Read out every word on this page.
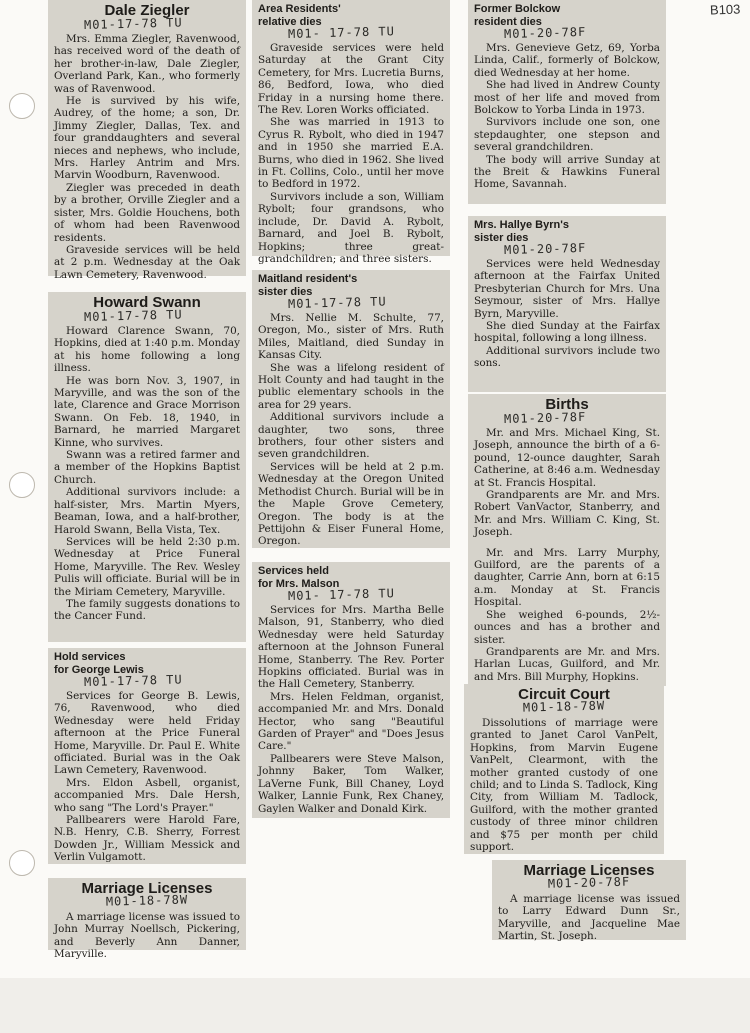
B103
Dale Ziegler
M01-17-78 TU

Mrs. Emma Ziegler, Ravenwood, has received word of the death of her brother-in-law, Dale Ziegler, Overland Park, Kan., who formerly was of Ravenwood.

He is survived by his wife, Audrey, of the home; a son, Dr. Jimmy Ziegler, Dallas, Tex. and four granddaughters and several nieces and nephews, who include, Mrs. Harley Antrim and Mrs. Marvin Woodburn, Ravenwood.

Ziegler was preceded in death by a brother, Orville Ziegler and a sister, Mrs. Goldie Houchens, both of whom had been Ravenwood residents.

Graveside services will be held at 2 p.m. Wednesday at the Oak Lawn Cemetery, Ravenwood.

Howard Swann
M01-17-78 TU

Howard Clarence Swann, 70, Hopkins, died at 1:40 p.m. Monday at his home following a long illness.

He was born Nov. 3, 1907, in Maryville, and was the son of the late, Clarence and Grace Morrison Swann. On Feb. 18, 1940, in Barnard, he married Margaret Kinne, who survives.

Swann was a retired farmer and a member of the Hopkins Baptist Church.

Additional survivors include: a half-sister, Mrs. Martin Myers, Beaman, Iowa, and a half-brother, Harold Swann, Bella Vista, Tex.

Services will be held 2:30 p.m. Wednesday at Price Funeral Home, Maryville. The Rev. Wesley Pulis will officiate. Burial will be in the Miriam Cemetery, Maryville.

The family suggests donations to the Cancer Fund.

Hold services
for George Lewis
M01-17-78 TU

Services for George B. Lewis, 76, Ravenwood, who died Wednesday were held Friday afternoon at the Price Funeral Home, Maryville. Dr. Paul E. White officiated. Burial was in the Oak Lawn Cemetery, Ravenwood.

Mrs. Eldon Asbell, organist, accompanied Mrs. Dale Hersh, who sang "The Lord's Prayer."

Pallbearers were Harold Fare, N.B. Henry, C.B. Sherry, Forrest Dowden Jr., William Messick and Verlin Vulgamott.

Marriage Licenses
M01-18-78W

A marriage license was issued to John Murray Noellsch, Pickering, and Beverly Ann Danner, Maryville.

Area Residents'
relative dies
M01- 17-78 TU

Graveside services were held Saturday at the Grant City Cemetery, for Mrs. Lucretia Burns, 86, Bedford, Iowa, who died Friday in a nursing home there. The Rev. Loren Works officiated.

She was married in 1913 to Cyrus R. Rybolt, who died in 1947 and in 1950 she married E.A. Burns, who died in 1962. She lived in Ft. Collins, Colo., until her move to Bedford in 1972.

Survivors include a son, William Rybolt; four grandsons, who include, Dr. David A. Rybolt, Barnard, and Joel B. Rybolt, Hopkins; three great-grandchildren; and three sisters.

Maitland resident's
sister dies
M01-17-78 TU

Mrs. Nellie M. Schulte, 77, Oregon, Mo., sister of Mrs. Ruth Miles, Maitland, died Sunday in Kansas City.

She was a lifelong resident of Holt County and had taught in the public elementary schools in the area for 29 years.

Additional survivors include a daughter, two sons, three brothers, four other sisters and seven grandchildren.

Services will be held at 2 p.m. Wednesday at the Oregon United Methodist Church. Burial will be in the Maple Grove Cemetery, Oregon. The body is at the Pettijohn & Eiser Funeral Home, Oregon.

Services held
for Mrs. Malson
M01- 17-78 TU

Services for Mrs. Martha Belle Malson, 91, Stanberry, who died Wednesday were held Saturday afternoon at the Johnson Funeral Home, Stanberry. The Rev. Porter Hopkins officiated. Burial was in the Hall Cemetery, Stanberry.

Mrs. Helen Feldman, organist, accompanied Mr. and Mrs. Donald Hector, who sang "Beautiful Garden of Prayer" and "Does Jesus Care."

Pallbearers were Steve Malson, Johnny Baker, Tom Walker, LaVerne Funk, Bill Chaney, Loyd Walker, Lannie Funk, Rex Chaney, Gaylen Walker and Donald Kirk.

Former Bolckow
resident dies
M01-20-78F

Mrs. Genevieve Getz, 69, Yorba Linda, Calif., formerly of Bolckow, died Wednesday at her home.

She had lived in Andrew County most of her life and moved from Bolckow to Yorba Linda in 1973.

Survivors include one son, one stepdaughter, one stepson and several grandchildren.

The body will arrive Sunday at the Breit & Hawkins Funeral Home, Savannah.

Mrs. Hallye Byrn's
sister dies
M01-20-78F

Services were held Wednesday afternoon at the Fairfax United Presbyterian Church for Mrs. Una Seymour, sister of Mrs. Hallye Byrn, Maryville.

She died Sunday at the Fairfax hospital, following a long illness.

Additional survivors include two sons.

Births
M01-20-78F

Mr. and Mrs. Michael King, St. Joseph, announce the birth of a 6-pound, 12-ounce daughter, Sarah Catherine, at 8:46 a.m. Wednesday at St. Francis Hospital.

Grandparents are Mr. and Mrs. Robert VanVactor, Stanberry, and Mr. and Mrs. William C. King, St. Joseph.

Mr. and Mrs. Larry Murphy, Guilford, are the parents of a daughter, Carrie Ann, born at 6:15 a.m. Monday at St. Francis Hospital.

She weighed 6-pounds, 2½-ounces and has a brother and sister.

Grandparents are Mr. and Mrs. Harlan Lucas, Guilford, and Mr. and Mrs. Bill Murphy, Hopkins.

Circuit Court
M01-18-78W

Dissolutions of marriage were granted to Janet Carol VanPelt, Hopkins, from Marvin Eugene VanPelt, Clearmont, with the mother granted custody of one child; and to Linda S. Tadlock, King City, from William M. Tadlock, Guilford, with the mother granted custody of three minor children and $75 per month per child support.

Marriage Licenses
M01-20-78F

A marriage license was issued to Larry Edward Dunn Sr., Maryville, and Jacqueline Mae Martin, St. Joseph.
